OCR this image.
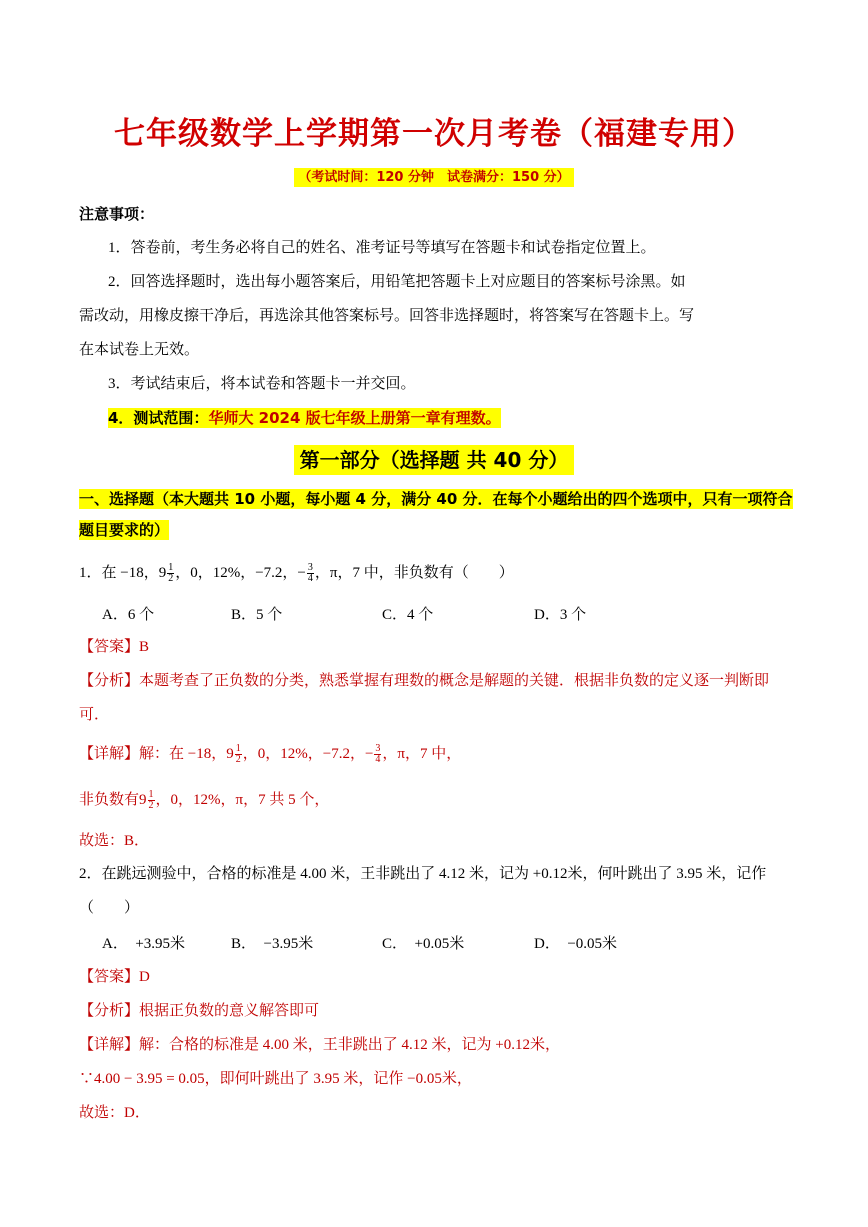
七年级数学上学期第一次月考卷（福建专用）
（考试时间：120 分钟　试卷满分：150 分）
注意事项：
1．答卷前，考生务必将自己的姓名、准考证号等填写在答题卡和试卷指定位置上。
2．回答选择题时，选出每小题答案后，用铅笔把答题卡上对应题目的答案标号涂黑。如
需改动，用橡皮擦干净后，再选涂其他答案标号。回答非选择题时，将答案写在答题卡上。写
在本试卷上无效。
3．考试结束后，将本试卷和答题卡一并交回。
4．测试范围：华师大 2024 版七年级上册第一章有理数。
第一部分（选择题 共 40 分）
一、选择题（本大题共 10 小题，每小题 4 分，满分 40 分．在每个小题给出的四个选项中，只有一项符合
题目要求的）
1．在 −18，$9 \frac{1}{2}$ ，0，12%，−7.2，− $\frac{3}{4}$ ，π，7 中，非负数有（　　）
A．6 个	B．5 个	C．4 个	D．3 个
【答案】B
【分析】本题考查了正负数的分类，熟悉掌握有理数的概念是解题的关键．根据非负数的定义逐一判断即
可．
【详解】解：在 −18，$9 \frac{1}{2}$ ，0，12%，−7.2，− $\frac{3}{4}$ ，π，7 中，
非负数有$9 \frac{1}{2}$ ，0，12%，π，7 共 5 个，
故选：B．
2．在跳远测验中，合格的标准是 4.00 米，王非跳出了 4.12 米，记为 +0.12米，何叶跳出了 3.95 米，记作
（　　）
A．　+3.95米	B．　−3.95米	C．　+0.05米	D．　−0.05米
【答案】D
【分析】根据正负数的意义解答即可
【详解】解：合格的标准是 4.00 米，王非跳出了 4.12 米，记为 +0.12米，
∵4.00 − 3.95 = 0.05，即何叶跳出了 3.95 米，记作 −0.05米，
故选：D．
